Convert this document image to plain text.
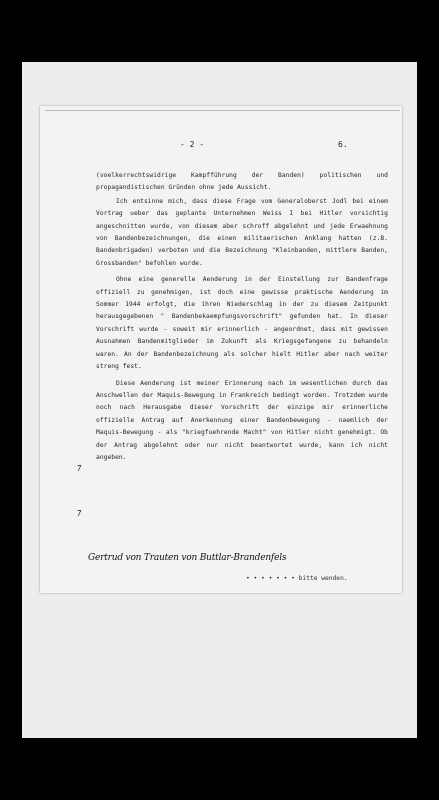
- 2 -	6.

(voelkerrechtswidrige Kampfführung der Banden) politischen und propagandistischen Gründen ohne jede Aussicht.

Ich entsinne mich, dass diese Frage vom Generaloberst Jodl bei einem Vortrag ueber das geplante Unternehmen Weiss I bei Hitler vorsichtig angeschnitten wurde, von diesem aber schroff abgelehnt und jede Erwaehnung von Bandenbezeichnungen, die einen militaerischen Anklang hatten (z.B. Bandenbrigaden) verboten und die Bezeichnung "Kleinbanden, mittlere Banden, Grossbanden" befohlen wurde.

Ohne eine generelle Aenderung in der Einstellung zur Bandenfrage offiziell zu genehmigen, ist doch eine gewisse praktische Aenderung im Sommer 1944 erfolgt, die ihren Niederschlag in der zu diesem Zeitpunkt herausgegebenen " Bandenbekaempfungsvorschrift" gefunden hat. In dieser Vorschrift wurde - soweit mir erinnerlich - angeordnet, dass mit gewissen Ausnahmen Bandenmitglieder im Zukunft als Kriegsgefangene zu behandeln waren. An der Bandenbezeichnung als solcher hielt Hitler aber nach weiter streng fest.

Diese Aenderung ist meiner Erinnerung nach im wesentlichen durch das Anschwellen der Maquis-Bewegung in Frankreich bedingt worden. Trotzdem wurde noch nach Herausgabe dieser Vorschrift der einzige mir erinnerliche offizielle Antrag auf Anerkennung einer Bandenbewegung - naemlich der Maquis-Bewegung - als "kriegfuehrende Macht" von Hitler nicht genehmigt. Ob der Antrag abgelehnt oder nur nicht beantwortet wurde, kann ich nicht angeben.

⁊
⁊
Gertrud von Trauten von Buttlar-Brandenfels
• • • • • • • bitte wenden.
